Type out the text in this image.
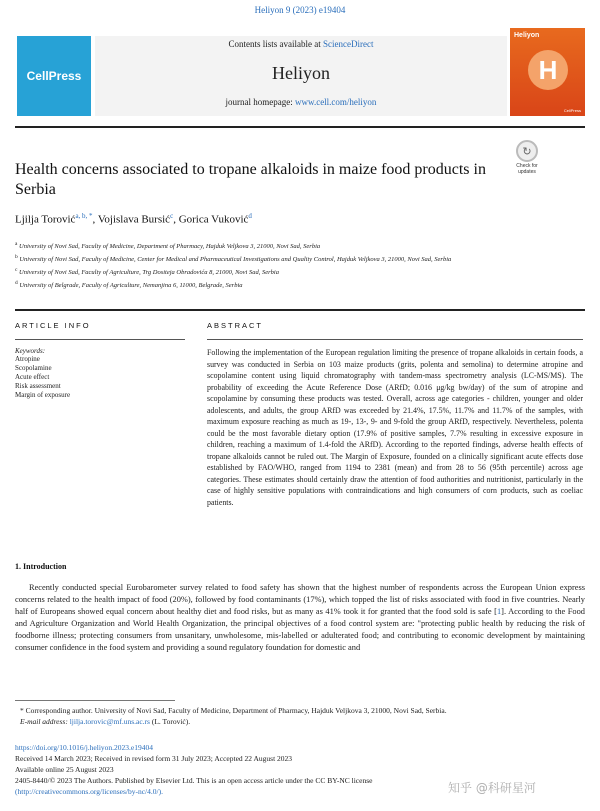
Heliyon 9 (2023) e19404
CellPress
Contents lists available at ScienceDirect
Heliyon
journal homepage: www.cell.com/heliyon
Heliyon
H
CellPress
↻
Check for
updates
Health concerns associated to tropane alkaloids in maize food products in Serbia
Ljilja Torović$^{a, b, *}$, Vojislava Bursić$^c$, Gorica Vuković$^d$
$^a$ University of Novi Sad, Faculty of Medicine, Department of Pharmacy, Hajduk Veljkova 3, 21000, Novi Sad, Serbia
$^b$ University of Novi Sad, Faculty of Medicine, Center for Medical and Pharmaceutical Investigations and Quality Control, Hajduk Veljkova 3, 21000, Novi Sad, Serbia
$^c$ University of Novi Sad, Faculty of Agriculture, Trg Dositeja Obradovića 8, 21000, Novi Sad, Serbia
$^d$ University of Belgrade, Faculty of Agriculture, Nemanjina 6, 11000, Belgrade, Serbia
ARTICLE INFO
Keywords:
Atropine
Scopolamine
Acute effect
Risk assessment
Margin of exposure
ABSTRACT
Following the implementation of the European regulation limiting the presence of tropane alkaloids in certain foods, a survey was conducted in Serbia on 103 maize products (grits, polenta and semolina) to determine atropine and scopolamine content using liquid chromatography with tandem-mass spectrometry analysis (LC-MS/MS). The probability of exceeding the Acute Reference Dose (ARfD; 0.016 μg/kg bw/day) of the sum of atropine and scopolamine by consuming these products was tested. Overall, across age categories - children, younger and older adolescents, and adults, the group ARfD was exceeded by 21.4%, 17.5%, 11.7% and 11.7% of the samples, with maximum exposure reaching as much as 19-, 13-, 9- and 9-fold the group ARfD, respectively. Nevertheless, polenta could be the most favorable dietary option (17.9% of positive samples, 7.7% resulting in excessive exposure in children, reaching a maximum of 1.4-fold the ARfD). According to the reported findings, adverse health effects of tropane alkaloids cannot be ruled out. The Margin of Exposure, founded on a clinically significant acute effects dose established by FAO/WHO, ranged from 1194 to 2381 (mean) and from 28 to 56 (95th percentile) across age categories. These estimates should certainly draw the attention of food authorities and nutritionist, particularly in the case of highly sensitive populations with contraindications and high consumers of corn products, such as coeliac patients.
1. Introduction
Recently conducted special Eurobarometer survey related to food safety has shown that the highest number of respondents across the European Union express concerns related to the health impact of food (20%), followed by food contaminants (17%), which topped the list of risks associated with food in five countries. Nearly half of Europeans showed equal concern about healthy diet and food risks, but as many as 41% took it for granted that the food sold is safe [1]. According to the Food and Agriculture Organization and World Health Organization, the principal objectives of a food control system are: "protecting public health by reducing the risk of foodborne illness; protecting consumers from unsanitary, unwholesome, mis-labelled or adulterated food; and contributing to economic development by maintaining consumer confidence in the food system and providing a sound regulatory foundation for domestic and
* Corresponding author. University of Novi Sad, Faculty of Medicine, Department of Pharmacy, Hajduk Veljkova 3, 21000, Novi Sad, Serbia.
E-mail address: ljilja.torovic@mf.uns.ac.rs (L. Torović).
https://doi.org/10.1016/j.heliyon.2023.e19404
Received 14 March 2023; Received in revised form 31 July 2023; Accepted 22 August 2023
Available online 25 August 2023
2405-8440/© 2023 The Authors. Published by Elsevier Ltd. This is an open access article under the CC BY-NC license
(http://creativecommons.org/licenses/by-nc/4.0/).	知乎 @科研星河
